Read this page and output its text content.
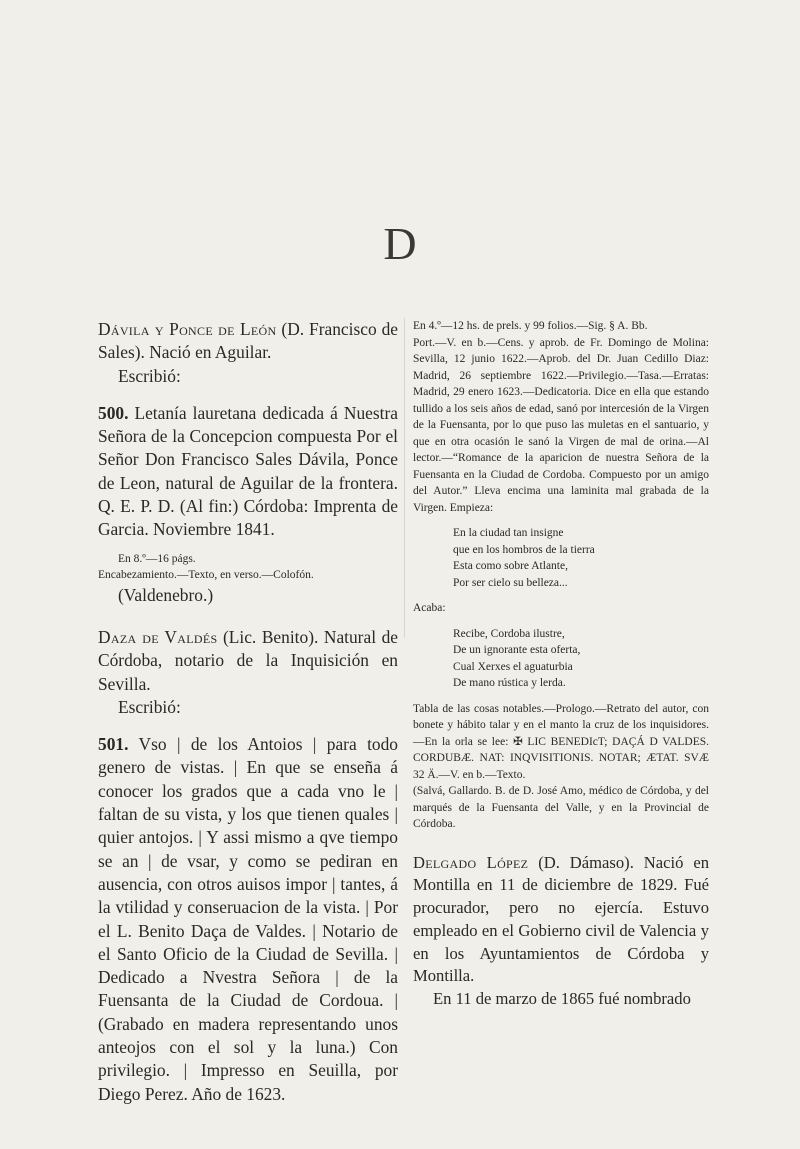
D

Dávila y Ponce de León (D. Francisco de Sales). Nació en Aguilar.

Escribió:

500. Letanía lauretana dedicada á Nuestra Señora de la Concepcion compuesta Por el Señor Don Francisco Sales Dávila, Ponce de Leon, natural de Aguilar de la frontera. Q. E. P. D. (Al fin:) Córdoba: Imprenta de Garcia. Noviembre 1841.

En 8.º—16 págs.

Encabezamiento.—Texto, en verso.—Colofón.

(Valdenebro.)

Daza de Valdés (Lic. Benito). Natural de Córdoba, notario de la Inquisición en Sevilla.

Escribió:

501. Vso | de los Antoios | para todo genero de vistas. | En que se enseña á conocer los grados que a cada vno le | faltan de su vista, y los que tienen quales | quier antojos. | Y assi mismo a qve tiempo se an | de vsar, y como se pediran en ausencia, con otros auisos impor | tantes, á la vtilidad y conseruacion de la vista. | Por el L. Benito Daça de Valdes. | Notario de el Santo Oficio de la Ciudad de Sevilla. | Dedicado a Nvestra Señora | de la Fuensanta de la Ciudad de Cordoua. | (Grabado en madera representando unos anteojos con el sol y la luna.) Con privilegio. | Impresso en Seuilla, por Diego Perez. Año de 1623.

En 4.º—12 hs. de prels. y 99 folios.—Sig. § A. Bb.

Port.—V. en b.—Cens. y aprob. de Fr. Domingo de Molina: Sevilla, 12 junio 1622.—Aprob. del Dr. Juan Cedillo Diaz: Madrid, 26 septiembre 1622.—Privilegio.—Tasa.—Erratas: Madrid, 29 enero 1623.—Dedicatoria. Dice en ella que estando tullido a los seis años de edad, sanó por intercesión de la Virgen de la Fuensanta, por lo que puso las muletas en el santuario, y que en otra ocasión le sanó la Virgen de mal de orina.—Al lector.—“Romance de la aparicion de nuestra Señora de la Fuensanta en la Ciudad de Cordoba. Compuesto por un amigo del Autor.” Lleva encima una laminita mal grabada de la Virgen. Empieza:

En la ciudad tan insigne
que en los hombros de la tierra
Esta como sobre Atlante,
Por ser cielo su belleza...

Acaba:

Recibe, Cordoba ilustre,
De un ignorante esta oferta,
Cual Xerxes el aguaturbia
De mano rústica y lerda.

Tabla de las cosas notables.—Prologo.—Retrato del autor, con bonete y hábito talar y en el manto la cruz de los inquisidores.—En la orla se lee: ✠ LIC BENEDIcT; DAÇÁ D VALDES. CORDUBÆ. NAT: INQVISITIONIS. NOTAR; ÆTAT. SVÆ 32 Ä.—V. en b.—Texto.

(Salvá, Gallardo. B. de D. José Amo, médico de Córdoba, y del marqués de la Fuensanta del Valle, y en la Provincial de Córdoba.

Delgado López (D. Dámaso). Nació en Montilla en 11 de diciembre de 1829. Fué procurador, pero no ejercía. Estuvo empleado en el Gobierno civil de Valencia y en los Ayuntamientos de Córdoba y Montilla.

En 11 de marzo de 1865 fué nombrado
